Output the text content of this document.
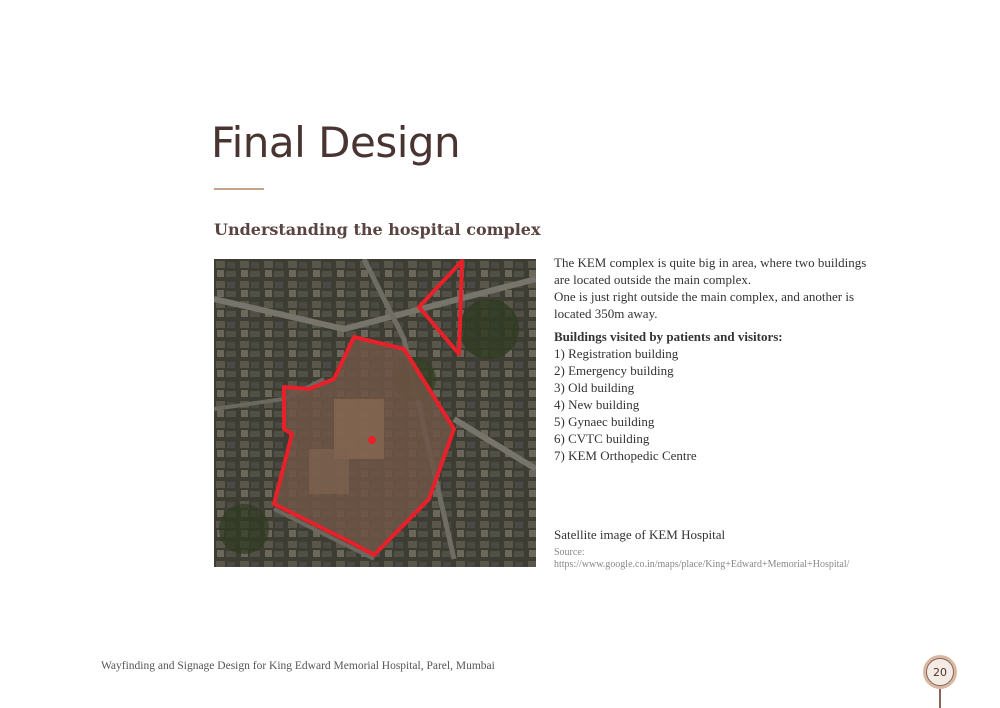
Final Design
Understanding the hospital complex

The KEM complex is quite big in area, where two buildings are located outside the main complex.
One is just right outside the main complex, and another is located 350m away.

Buildings visited by patients and visitors:
1) Registration building
2) Emergency building
3) Old building
4) New building
5) Gynaec building
6) CVTC building
7) KEM Orthopedic Centre
Satellite image of KEM Hospital
Source:
https://www.google.co.in/maps/place/King+Edward+Memorial+Hospital/
Wayfinding and Signage Design for King Edward Memorial Hospital, Parel, Mumbai	20
